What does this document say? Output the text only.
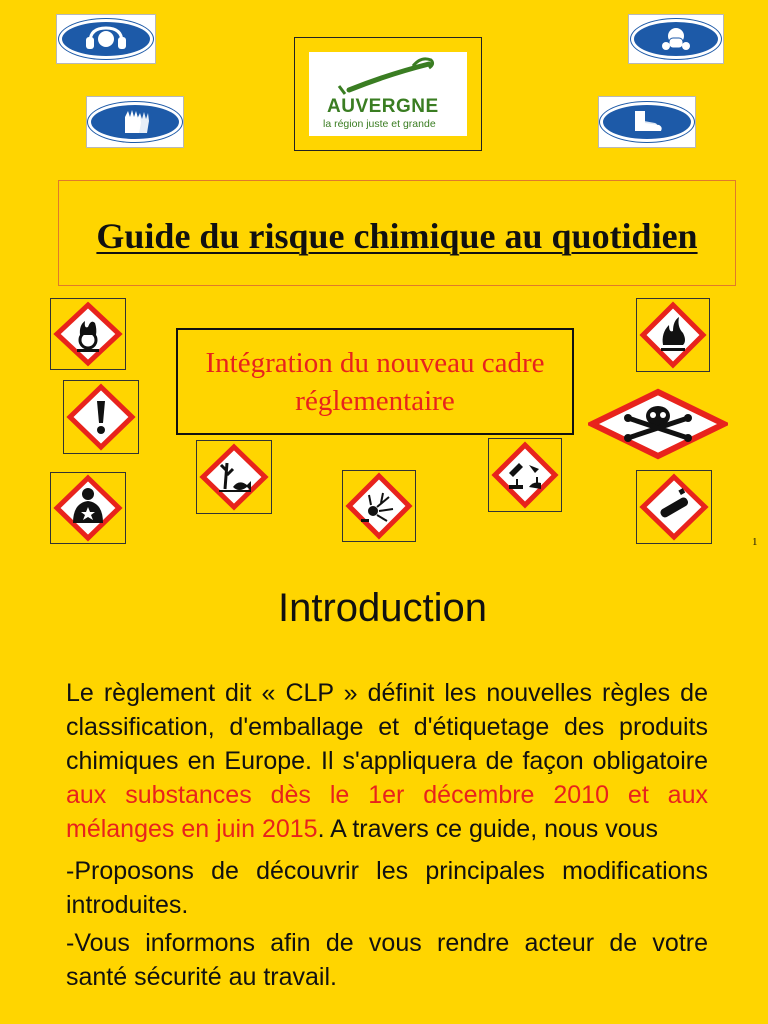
AUVERGNE
la région juste et grande
Guide du risque chimique au quotidien
Intégration du nouveau cadre réglementaire
1
Introduction

Le règlement dit « CLP » définit les nouvelles règles de classification, d'emballage et d'étiquetage des produits chimiques en Europe. Il s'appliquera de façon obligatoire aux substances dès le 1er décembre 2010 et aux mélanges en juin 2015. A travers ce guide, nous vous

-Proposons de découvrir les principales modifications introduites.

-Vous informons afin de vous rendre acteur de votre santé sécurité au travail.
